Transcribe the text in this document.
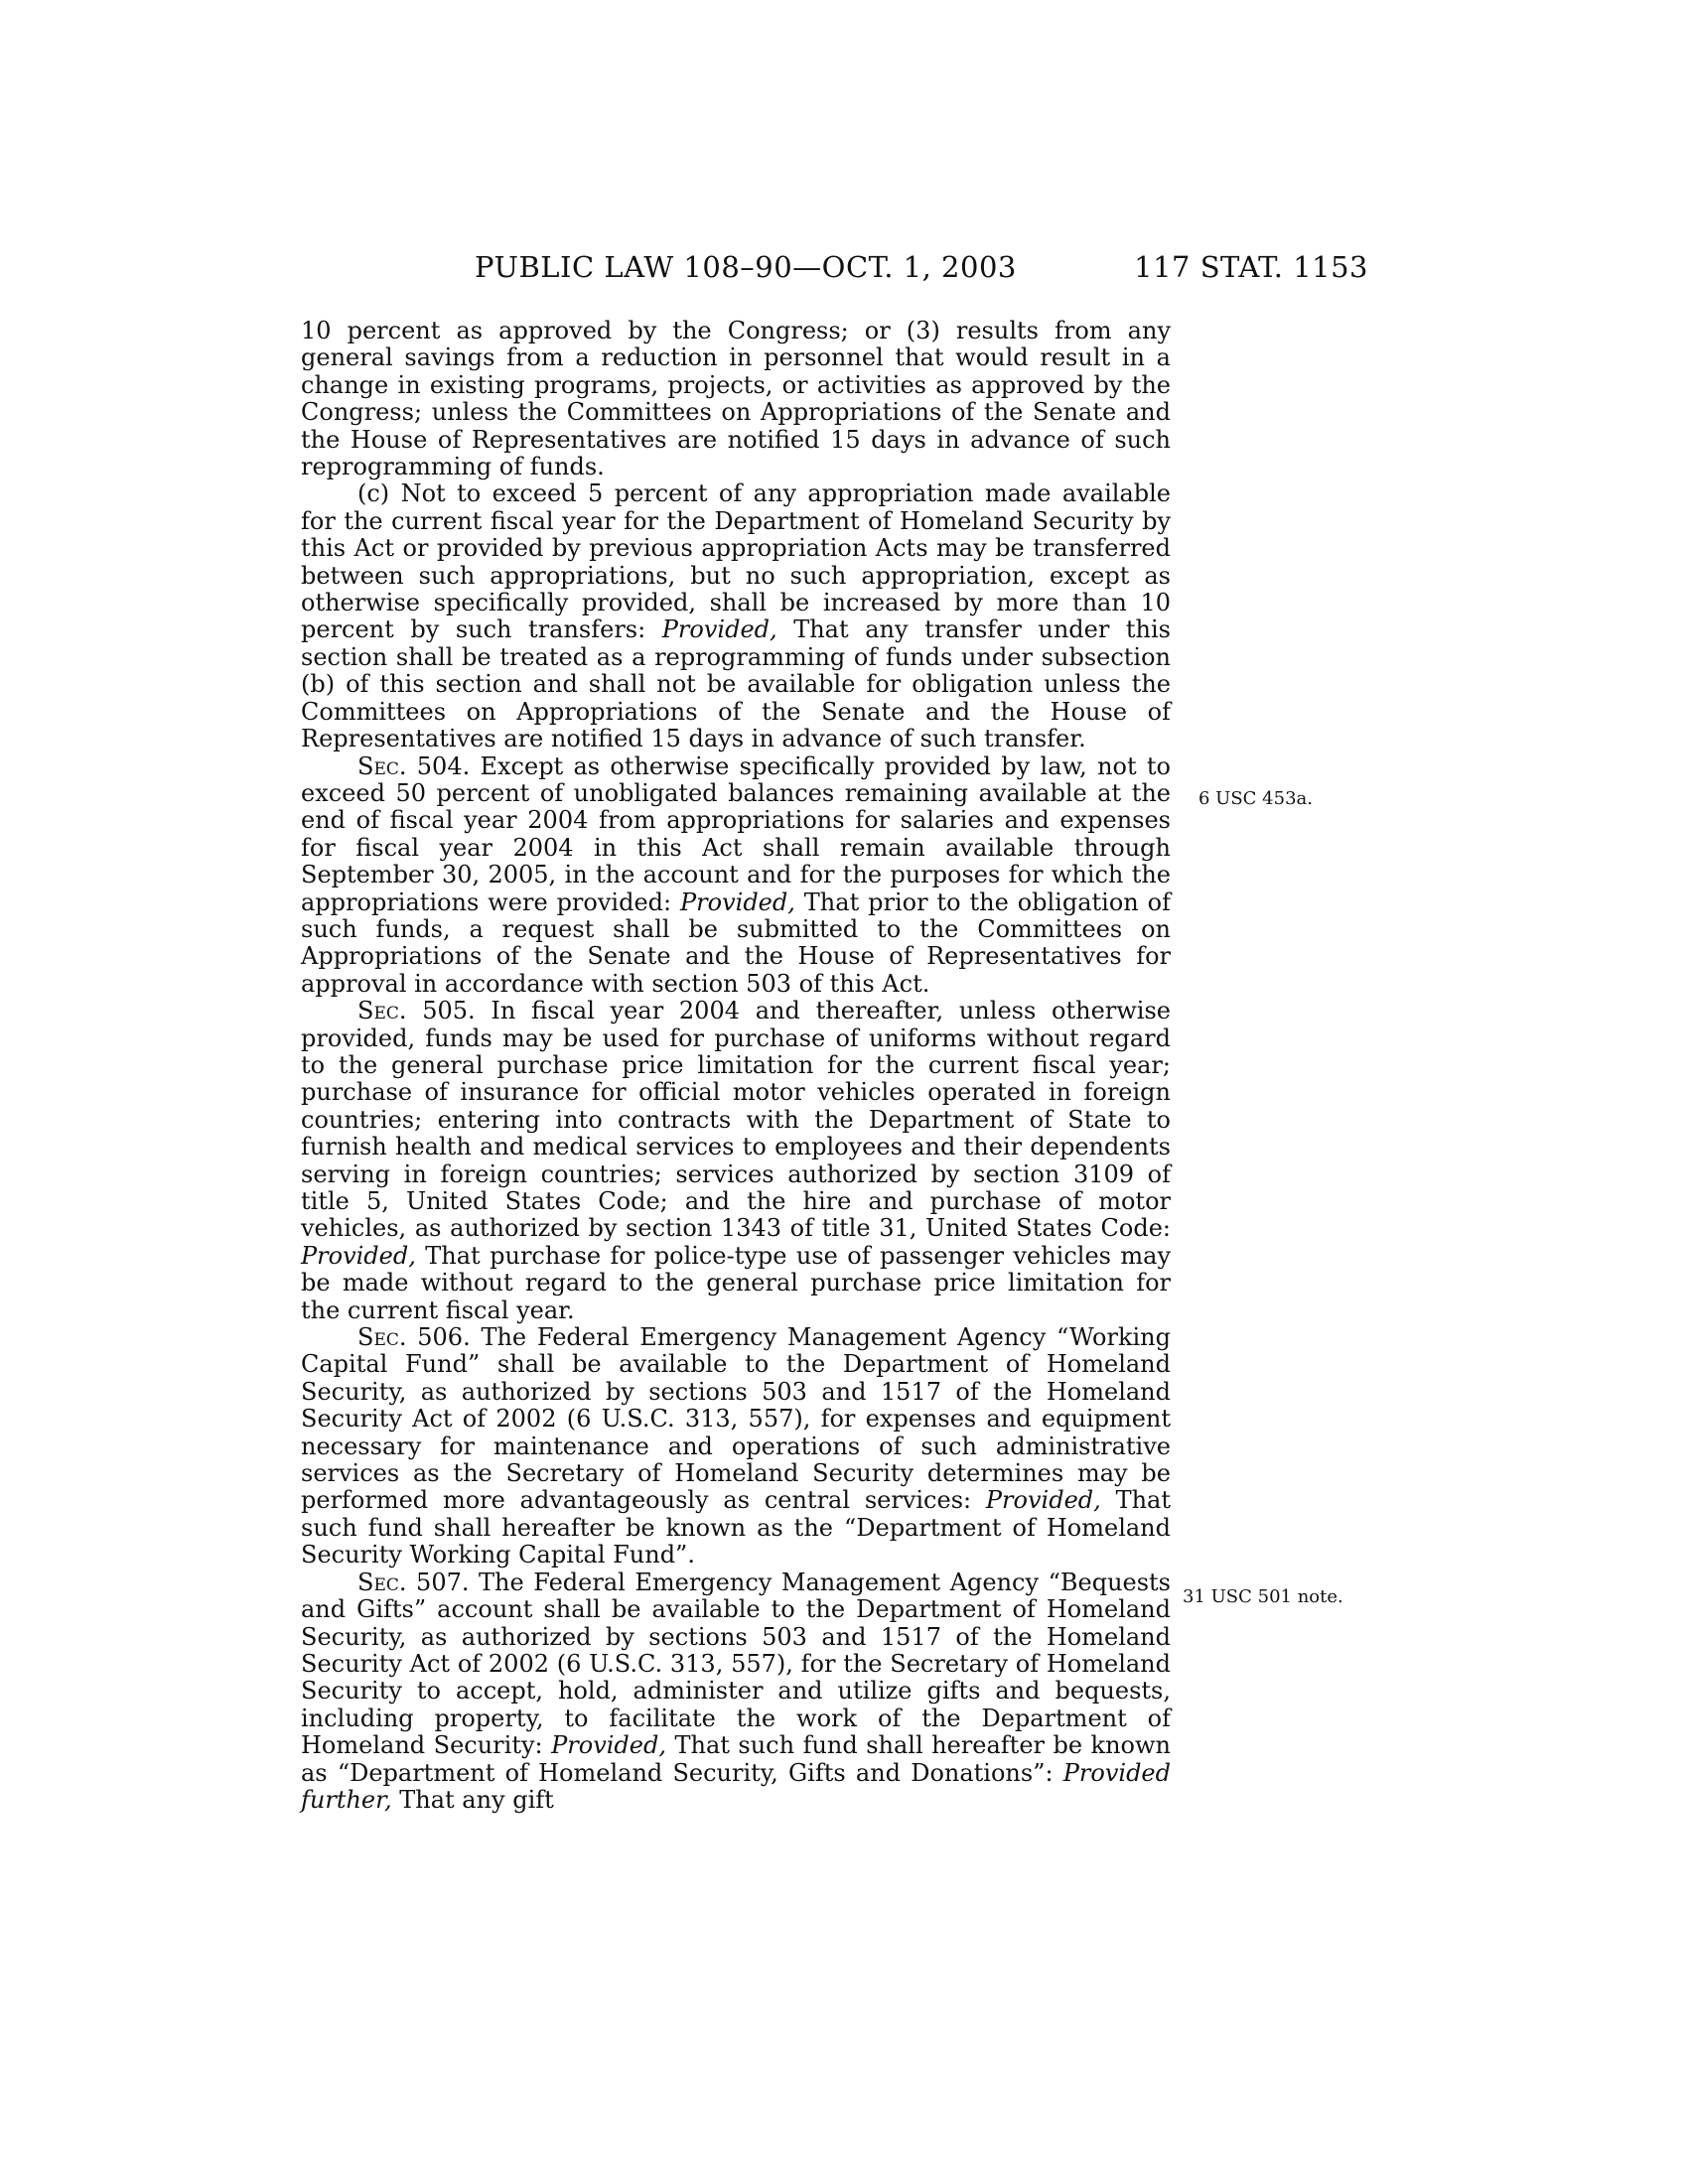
PUBLIC LAW 108–90—OCT. 1, 2003	117 STAT. 1153

10 percent as approved by the Congress; or (3) results from any general savings from a reduction in personnel that would result in a change in existing programs, projects, or activities as approved by the Congress; unless the Committees on Appropriations of the Senate and the House of Representatives are notified 15 days in advance of such reprogramming of funds.

(c) Not to exceed 5 percent of any appropriation made available for the current fiscal year for the Department of Homeland Security by this Act or provided by previous appropriation Acts may be transferred between such appropriations, but no such appropriation, except as otherwise specifically provided, shall be increased by more than 10 percent by such transfers: Provided, That any transfer under this section shall be treated as a reprogramming of funds under subsection (b) of this section and shall not be available for obligation unless the Committees on Appropriations of the Senate and the House of Representatives are notified 15 days in advance of such transfer.

Sec. 504. Except as otherwise specifically provided by law, not to exceed 50 percent of unobligated balances remaining available at the end of fiscal year 2004 from appropriations for salaries and expenses for fiscal year 2004 in this Act shall remain available through September 30, 2005, in the account and for the purposes for which the appropriations were provided: Provided, That prior to the obligation of such funds, a request shall be submitted to the Committees on Appropriations of the Senate and the House of Representatives for approval in accordance with section 503 of this Act.

Sec. 505. In fiscal year 2004 and thereafter, unless otherwise provided, funds may be used for purchase of uniforms without regard to the general purchase price limitation for the current fiscal year; purchase of insurance for official motor vehicles operated in foreign countries; entering into contracts with the Department of State to furnish health and medical services to employees and their dependents serving in foreign countries; services authorized by section 3109 of title 5, United States Code; and the hire and purchase of motor vehicles, as authorized by section 1343 of title 31, United States Code: Provided, That purchase for police-type use of passenger vehicles may be made without regard to the general purchase price limitation for the current fiscal year.

Sec. 506. The Federal Emergency Management Agency “Working Capital Fund” shall be available to the Department of Homeland Security, as authorized by sections 503 and 1517 of the Homeland Security Act of 2002 (6 U.S.C. 313, 557), for expenses and equipment necessary for maintenance and operations of such administrative services as the Secretary of Homeland Security determines may be performed more advantageously as central services: Provided, That such fund shall hereafter be known as the “Department of Homeland Security Working Capital Fund”.

Sec. 507. The Federal Emergency Management Agency “Bequests and Gifts” account shall be available to the Department of Homeland Security, as authorized by sections 503 and 1517 of the Homeland Security Act of 2002 (6 U.S.C. 313, 557), for the Secretary of Homeland Security to accept, hold, administer and utilize gifts and bequests, including property, to facilitate the work of the Department of Homeland Security: Provided, That such fund shall hereafter be known as “Department of Homeland Security, Gifts and Donations”: Provided further, That any gift

6 USC 453a.
31 USC 501 note.
